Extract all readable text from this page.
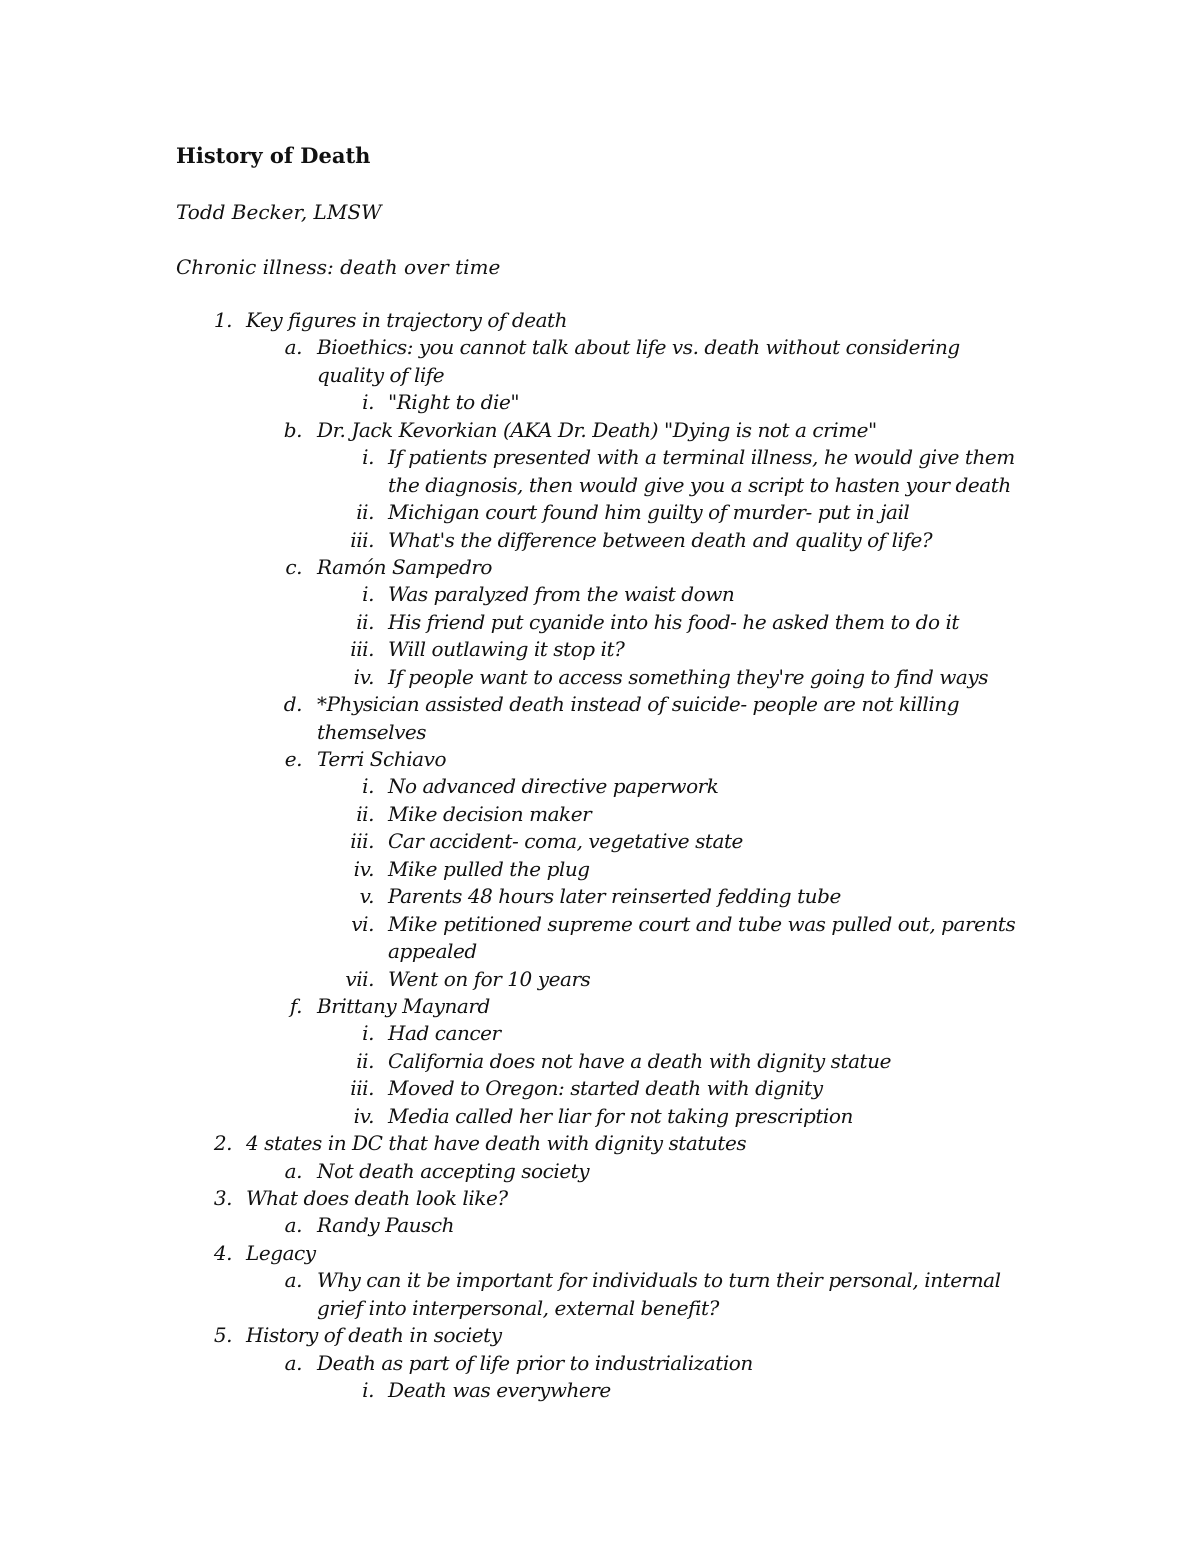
History of Death
Todd Becker, LMSW
Chronic illness: death over time
1. Key figures in trajectory of death
a. Bioethics: you cannot talk about life vs. death without considering
quality of life
i. "Right to die"
b. Dr. Jack Kevorkian (AKA Dr. Death) "Dying is not a crime"
i. If patients presented with a terminal illness, he would give them
the diagnosis, then would give you a script to hasten your death
ii. Michigan court found him guilty of murder- put in jail
iii. What's the difference between death and quality of life?
c. Ramón Sampedro
i. Was paralyzed from the waist down
ii. His friend put cyanide into his food- he asked them to do it
iii. Will outlawing it stop it?
iv. If people want to access something they're going to find ways
d. *Physician assisted death instead of suicide- people are not killing
themselves
e. Terri Schiavo
i. No advanced directive paperwork
ii. Mike decision maker
iii. Car accident- coma, vegetative state
iv. Mike pulled the plug
v. Parents 48 hours later reinserted fedding tube
vi. Mike petitioned supreme court and tube was pulled out, parents
appealed
vii. Went on for 10 years
f. Brittany Maynard
i. Had cancer
ii. California does not have a death with dignity statue
iii. Moved to Oregon: started death with dignity
iv. Media called her liar for not taking prescription
2. 4 states in DC that have death with dignity statutes
a. Not death accepting society
3. What does death look like?
a. Randy Pausch
4. Legacy
a. Why can it be important for individuals to turn their personal, internal
grief into interpersonal, external benefit?
5. History of death in society
a. Death as part of life prior to industrialization
i. Death was everywhere
